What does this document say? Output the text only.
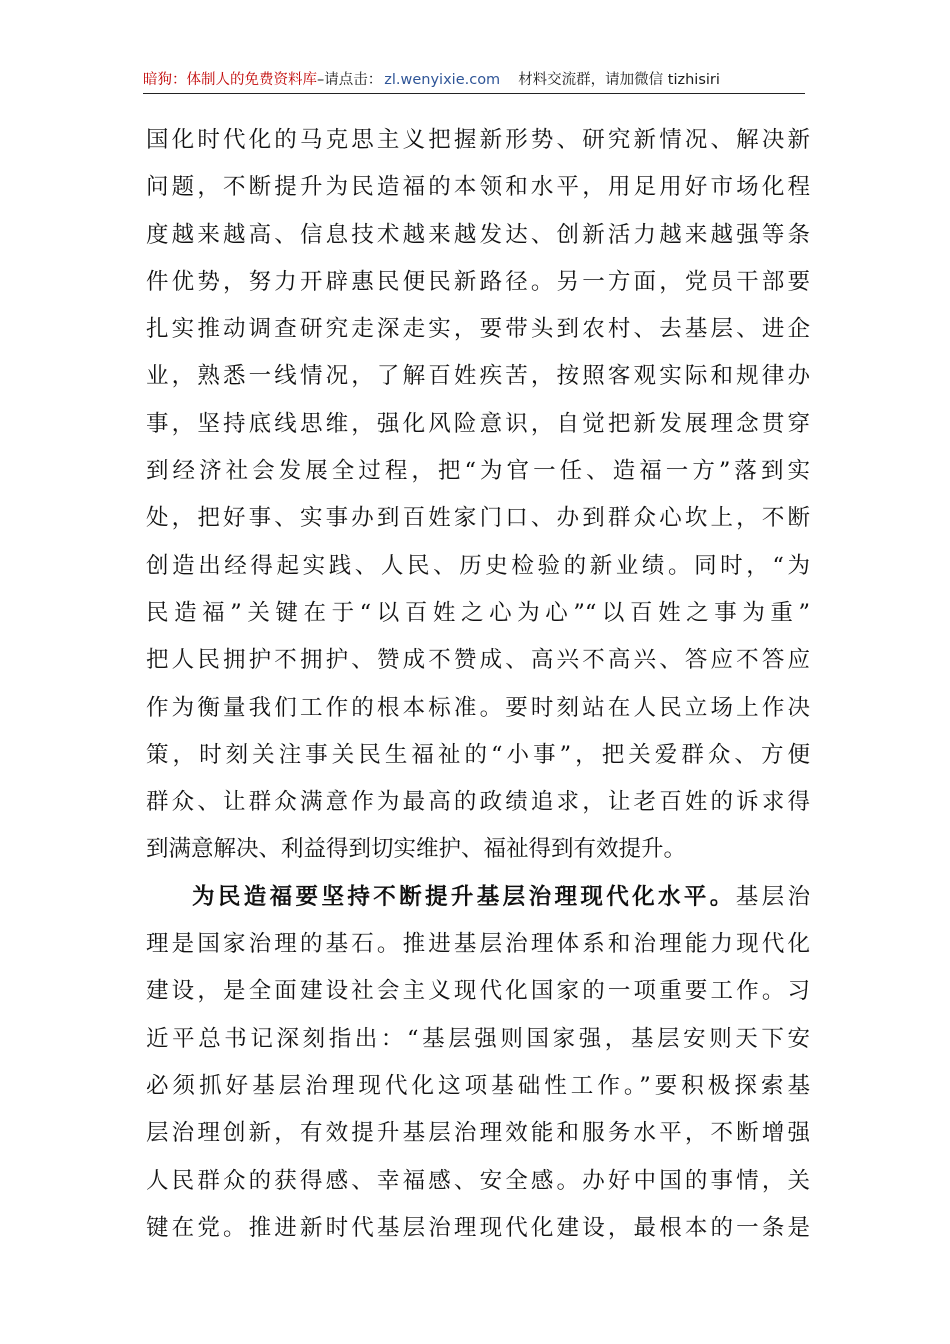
暗狗：体制人的免费资料库–请点击： zl.wenyixie.com 材料交流群，请加微信 tizhisiri
国化时代化的马克思主义把握新形势、研究新情况、解决新
问题，不断提升为民造福的本领和水平，用足用好市场化程
度越来越高、信息技术越来越发达、创新活力越来越强等条
件优势，努力开辟惠民便民新路径。另一方面，党员干部要
扎实推动调查研究走深走实，要带头到农村、去基层、进企
业，熟悉一线情况，了解百姓疾苦，按照客观实际和规律办
事，坚持底线思维，强化风险意识，自觉把新发展理念贯穿
到经济社会发展全过程，把“为官一任、造福一方”落到实
处，把好事、实事办到百姓家门口、办到群众心坎上，不断
创造出经得起实践、人民、历史检验的新业绩。同时，“为
民造福”关键在于“以百姓之心为心”“以百姓之事为重”
把人民拥护不拥护、赞成不赞成、高兴不高兴、答应不答应
作为衡量我们工作的根本标准。要时刻站在人民立场上作决
策，时刻关注事关民生福祉的“小事”，把关爱群众、方便
群众、让群众满意作为最高的政绩追求，让老百姓的诉求得
到满意解决、利益得到切实维护、福祉得到有效提升。
为民造福要坚持不断提升基层治理现代化水平。基层治
理是国家治理的基石。推进基层治理体系和治理能力现代化
建设，是全面建设社会主义现代化国家的一项重要工作。习
近平总书记深刻指出：“基层强则国家强，基层安则天下安
必须抓好基层治理现代化这项基础性工作。”要积极探索基
层治理创新，有效提升基层治理效能和服务水平，不断增强
人民群众的获得感、幸福感、安全感。办好中国的事情，关
键在党。推进新时代基层治理现代化建设，最根本的一条是
